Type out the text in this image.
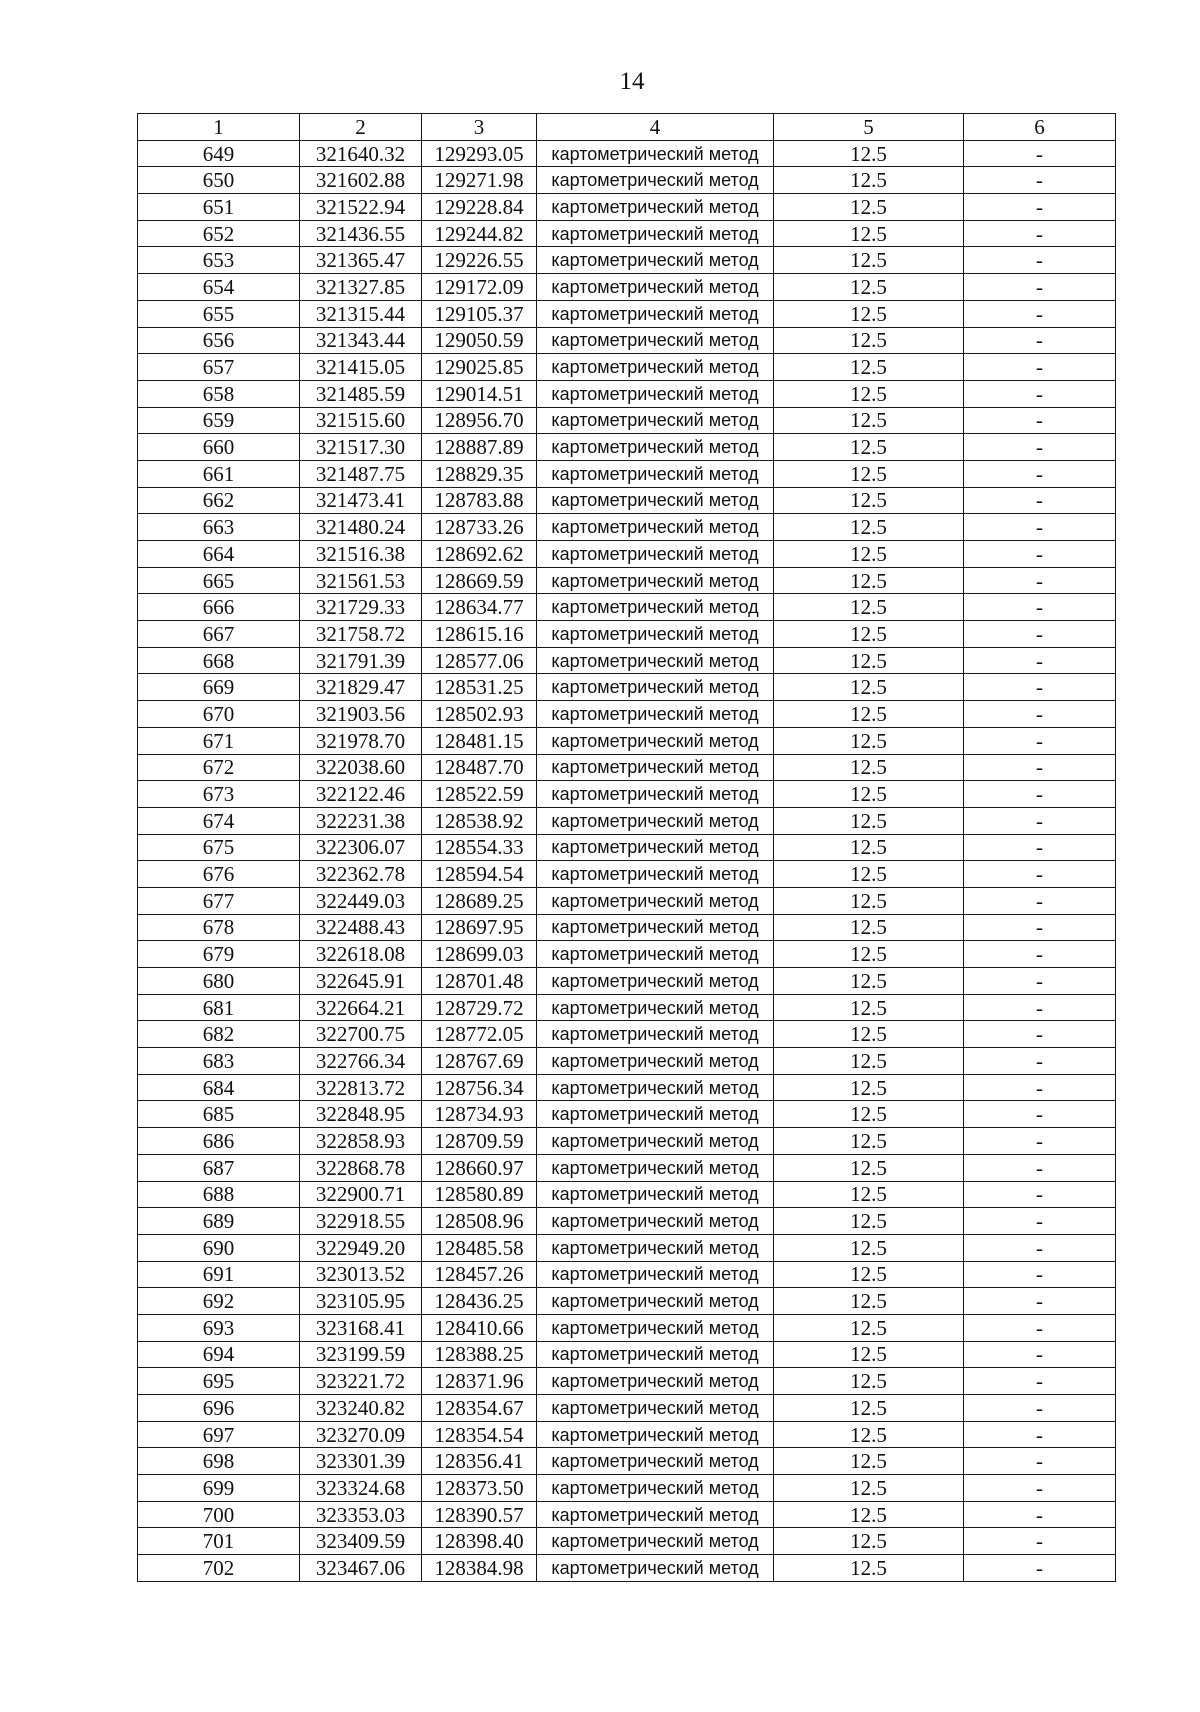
14
1	2	3	4	5	6
649	321640.32	129293.05	картометрический метод	12.5	-
650	321602.88	129271.98	картометрический метод	12.5	-
651	321522.94	129228.84	картометрический метод	12.5	-
652	321436.55	129244.82	картометрический метод	12.5	-
653	321365.47	129226.55	картометрический метод	12.5	-
654	321327.85	129172.09	картометрический метод	12.5	-
655	321315.44	129105.37	картометрический метод	12.5	-
656	321343.44	129050.59	картометрический метод	12.5	-
657	321415.05	129025.85	картометрический метод	12.5	-
658	321485.59	129014.51	картометрический метод	12.5	-
659	321515.60	128956.70	картометрический метод	12.5	-
660	321517.30	128887.89	картометрический метод	12.5	-
661	321487.75	128829.35	картометрический метод	12.5	-
662	321473.41	128783.88	картометрический метод	12.5	-
663	321480.24	128733.26	картометрический метод	12.5	-
664	321516.38	128692.62	картометрический метод	12.5	-
665	321561.53	128669.59	картометрический метод	12.5	-
666	321729.33	128634.77	картометрический метод	12.5	-
667	321758.72	128615.16	картометрический метод	12.5	-
668	321791.39	128577.06	картометрический метод	12.5	-
669	321829.47	128531.25	картометрический метод	12.5	-
670	321903.56	128502.93	картометрический метод	12.5	-
671	321978.70	128481.15	картометрический метод	12.5	-
672	322038.60	128487.70	картометрический метод	12.5	-
673	322122.46	128522.59	картометрический метод	12.5	-
674	322231.38	128538.92	картометрический метод	12.5	-
675	322306.07	128554.33	картометрический метод	12.5	-
676	322362.78	128594.54	картометрический метод	12.5	-
677	322449.03	128689.25	картометрический метод	12.5	-
678	322488.43	128697.95	картометрический метод	12.5	-
679	322618.08	128699.03	картометрический метод	12.5	-
680	322645.91	128701.48	картометрический метод	12.5	-
681	322664.21	128729.72	картометрический метод	12.5	-
682	322700.75	128772.05	картометрический метод	12.5	-
683	322766.34	128767.69	картометрический метод	12.5	-
684	322813.72	128756.34	картометрический метод	12.5	-
685	322848.95	128734.93	картометрический метод	12.5	-
686	322858.93	128709.59	картометрический метод	12.5	-
687	322868.78	128660.97	картометрический метод	12.5	-
688	322900.71	128580.89	картометрический метод	12.5	-
689	322918.55	128508.96	картометрический метод	12.5	-
690	322949.20	128485.58	картометрический метод	12.5	-
691	323013.52	128457.26	картометрический метод	12.5	-
692	323105.95	128436.25	картометрический метод	12.5	-
693	323168.41	128410.66	картометрический метод	12.5	-
694	323199.59	128388.25	картометрический метод	12.5	-
695	323221.72	128371.96	картометрический метод	12.5	-
696	323240.82	128354.67	картометрический метод	12.5	-
697	323270.09	128354.54	картометрический метод	12.5	-
698	323301.39	128356.41	картометрический метод	12.5	-
699	323324.68	128373.50	картометрический метод	12.5	-
700	323353.03	128390.57	картометрический метод	12.5	-
701	323409.59	128398.40	картометрический метод	12.5	-
702	323467.06	128384.98	картометрический метод	12.5	-
